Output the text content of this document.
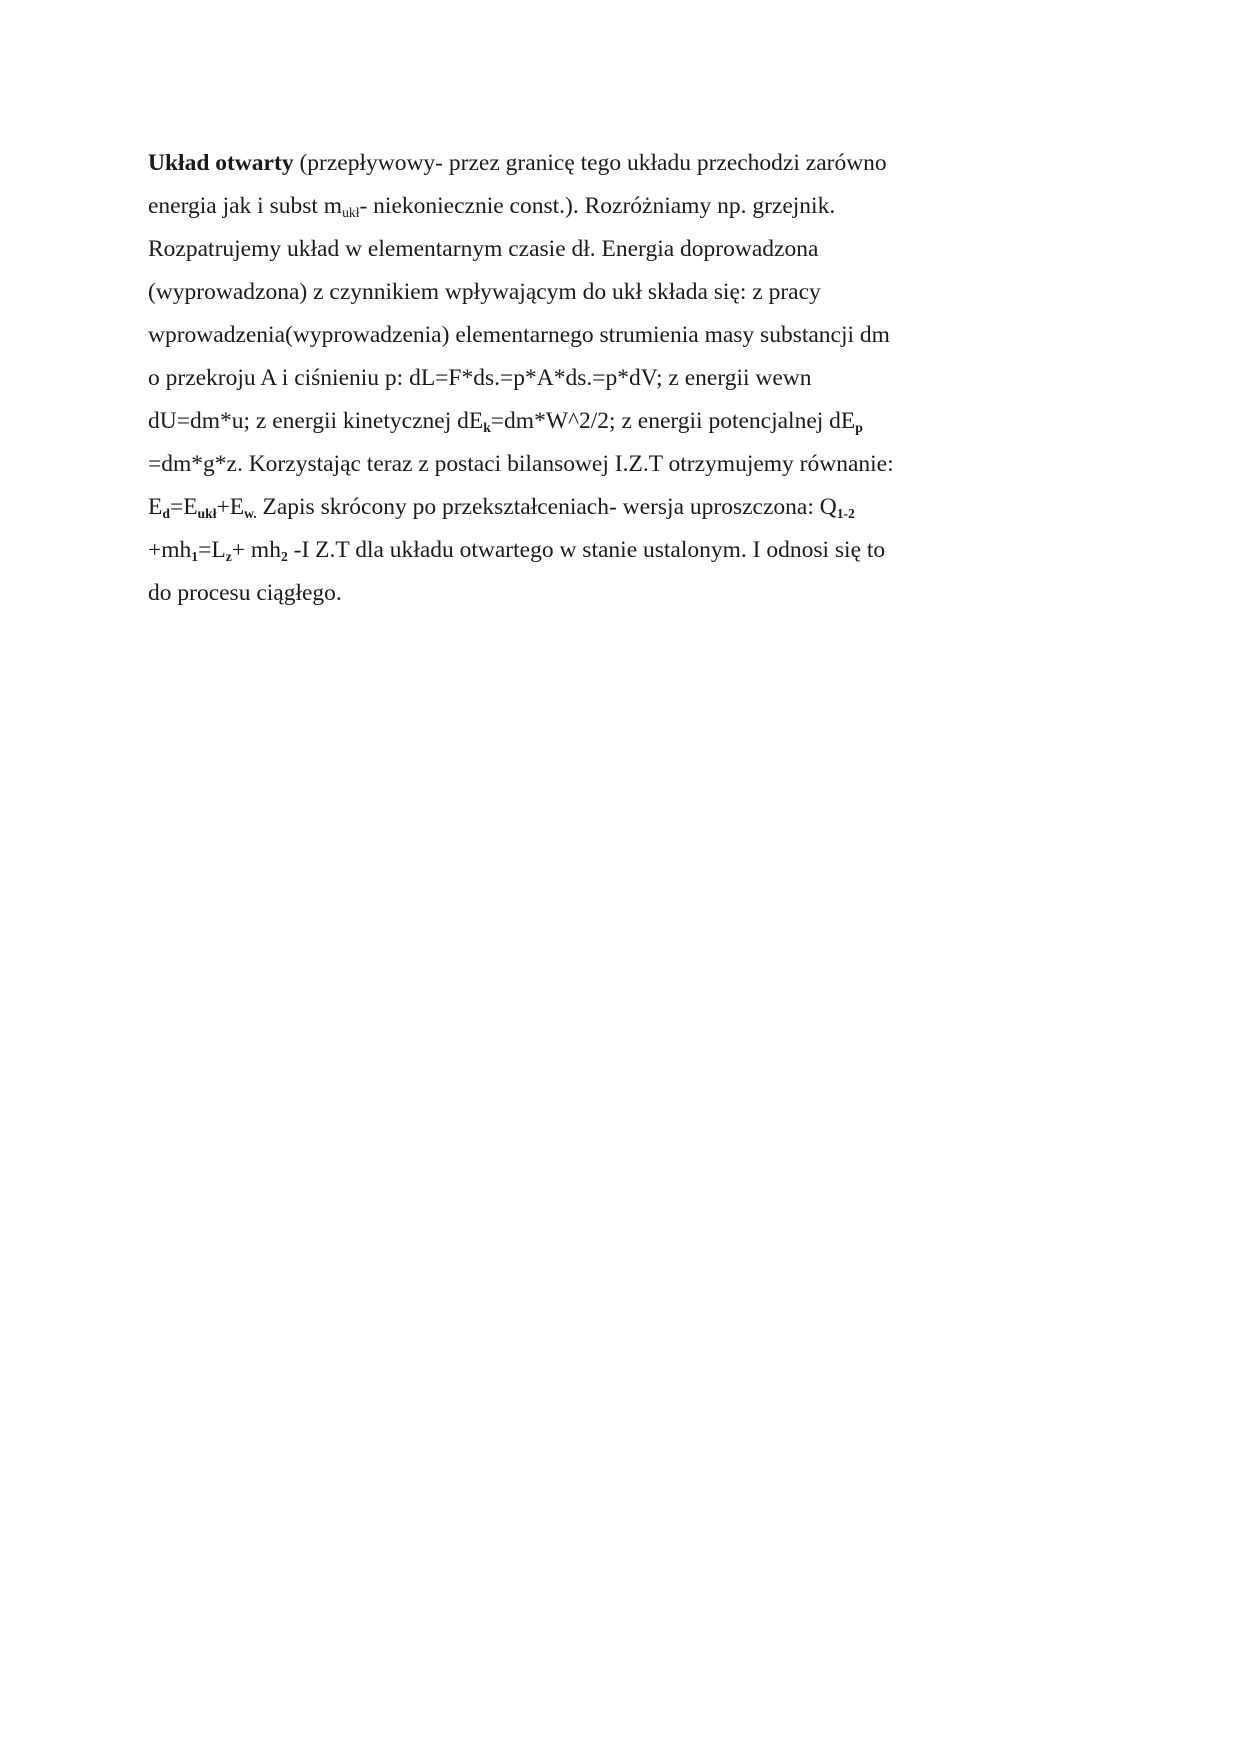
Układ otwarty (przepływowy- przez granicę tego układu przechodzi zarówno
energia jak i subst mukł- niekoniecznie const.). Rozróżniamy np. grzejnik.
Rozpatrujemy układ w elementarnym czasie dł. Energia doprowadzona
(wyprowadzona) z czynnikiem wpływającym do ukł składa się: z pracy
wprowadzenia(wyprowadzenia) elementarnego strumienia masy substancji dm
o przekroju A i ciśnieniu p: dL=F*ds.=p*A*ds.=p*dV; z energii wewn
dU=dm*u; z energii kinetycznej dEk=dm*W^2/2; z energii potencjalnej dEp
=dm*g*z. Korzystając teraz z postaci bilansowej I.Z.T otrzymujemy równanie:
Ed=Eukł+Ew. Zapis skrócony po przekształceniach- wersja uproszczona: Q1-2
+mh1=Lz+ mh2 -I Z.T dla układu otwartego w stanie ustalonym. I odnosi się to
do procesu ciągłego.
